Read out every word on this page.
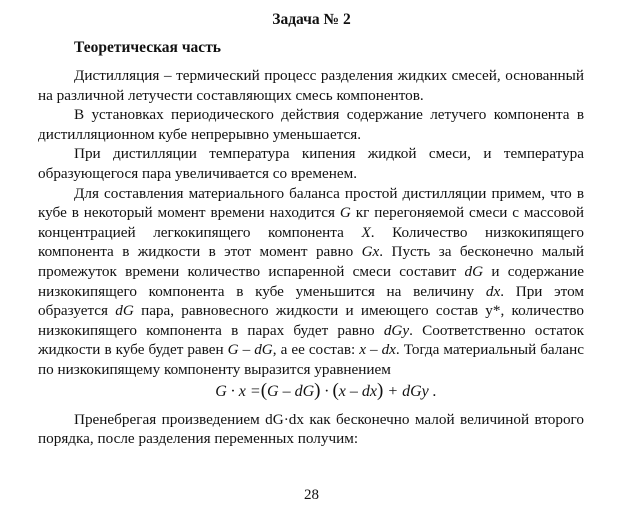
Задача № 2
Теоретическая часть

Дистилляция – термический процесс разделения жидких смесей, основанный на различной летучести составляющих смесь компонентов.

В установках периодического действия содержание летучего компонента в дистилляционном кубе непрерывно уменьшается.

При дистилляции температура кипения жидкой смеси, и температура образующегося пара увеличивается со временем.

Для составления материального баланса простой дистилляции примем, что в кубе в некоторый момент времени находится G кг перегоняемой смеси с массовой концентрацией легкокипящего компонента X. Количество низкокипящего компонента в жидкости в этот момент равно Gx. Пусть за бесконечно малый промежуток времени количество испаренной смеси составит dG и содержание низкокипящего компонента в кубе уменьшится на величину dx. При этом образуется dG пара, равновесного жидкости и имеющего состав y*, количество низкокипящего компонента в парах будет равно dGy. Соответственно остаток жидкости в кубе будет равен G – dG, а ее состав: x – dx. Тогда материальный баланс по низкокипящему компоненту выразится уравнением

G · x =(G – dG) · (x – dx) + dGy .

Пренебрегая произведением dG·dx как бесконечно малой величиной второго порядка, после разделения переменных получим:

28
